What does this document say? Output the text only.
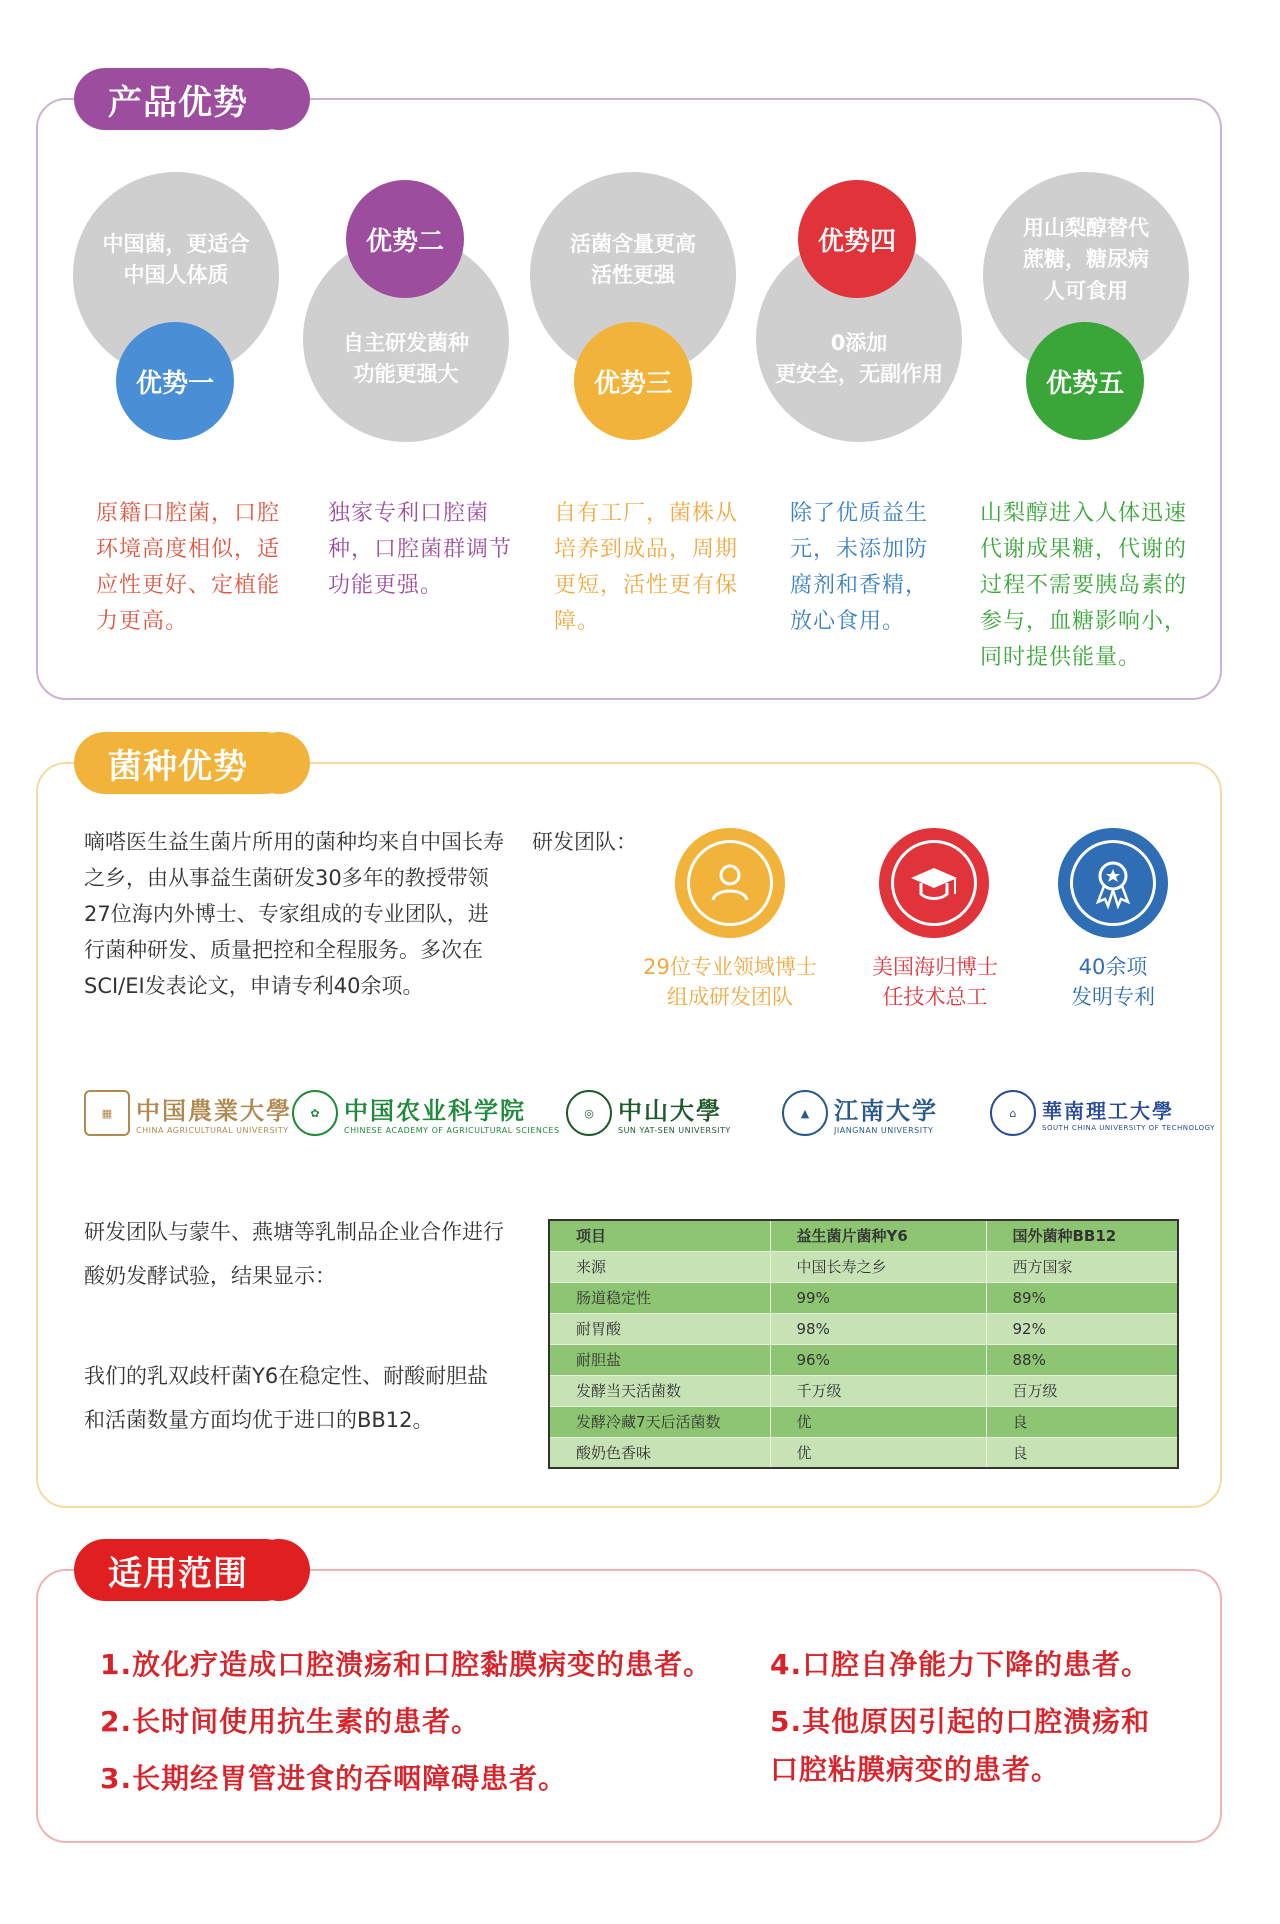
产品优势
中国菌，更适合
中国人体质
优势一
原籍口腔菌，口腔环境高度相似，适应性更好、定植能力更高。
自主研发菌种
功能更强大
优势二
独家专利口腔菌种，口腔菌群调节功能更强。
活菌含量更高
活性更强
优势三
自有工厂，菌株从培养到成品，周期更短，活性更有保障。
0添加
更安全，无副作用
优势四
除了优质益生元，未添加防腐剂和香精，放心食用。
用山梨醇替代
蔗糖，糖尿病
人可食用
优势五
山梨醇进入人体迅速代谢成果糖，代谢的过程不需要胰岛素的参与，血糖影响小，同时提供能量。
菌种优势
嘀嗒医生益生菌片所用的菌种均来自中国长寿之乡，由从事益生菌研发30多年的教授带领27位海内外博士、专家组成的专业团队，进行菌种研发、质量把控和全程服务。多次在SCI/EI发表论文，申请专利40余项。
研发团队：
29位专业领域博士
组成研发团队
美国海归博士
任技术总工
40余项
发明专利
▦ 中国農業大學
CHINA AGRICULTURAL UNIVERSITY
✿	中国农业科学院
CHINESE ACADEMY OF AGRICULTURAL SCIENCES
◎	中山大學
SUN YAT-SEN UNIVERSITY
▲	江南大学
JIANGNAN UNIVERSITY
⌂	華南理工大學
SOUTH CHINA UNIVERSITY OF TECHNOLOGY
研发团队与蒙牛、燕塘等乳制品企业合作进行酸奶发酵试验，结果显示：
我们的乳双歧杆菌Y6在稳定性、耐酸耐胆盐和活菌数量方面均优于进口的BB12。
项目	益生菌片菌种Y6	国外菌种BB12
来源	中国长寿之乡	西方国家
肠道稳定性	99%	89%
耐胃酸	98%	92%
耐胆盐	96%	88%
发酵当天活菌数	千万级	百万级
发酵冷藏7天后活菌数	优	良
酸奶色香味	优	良
适用范围
1.放化疗造成口腔溃疡和口腔黏膜病变的患者。
2.长时间使用抗生素的患者。
3.长期经胃管进食的吞咽障碍患者。
4.口腔自净能力下降的患者。
5.其他原因引起的口腔溃疡和
口腔粘膜病变的患者。
